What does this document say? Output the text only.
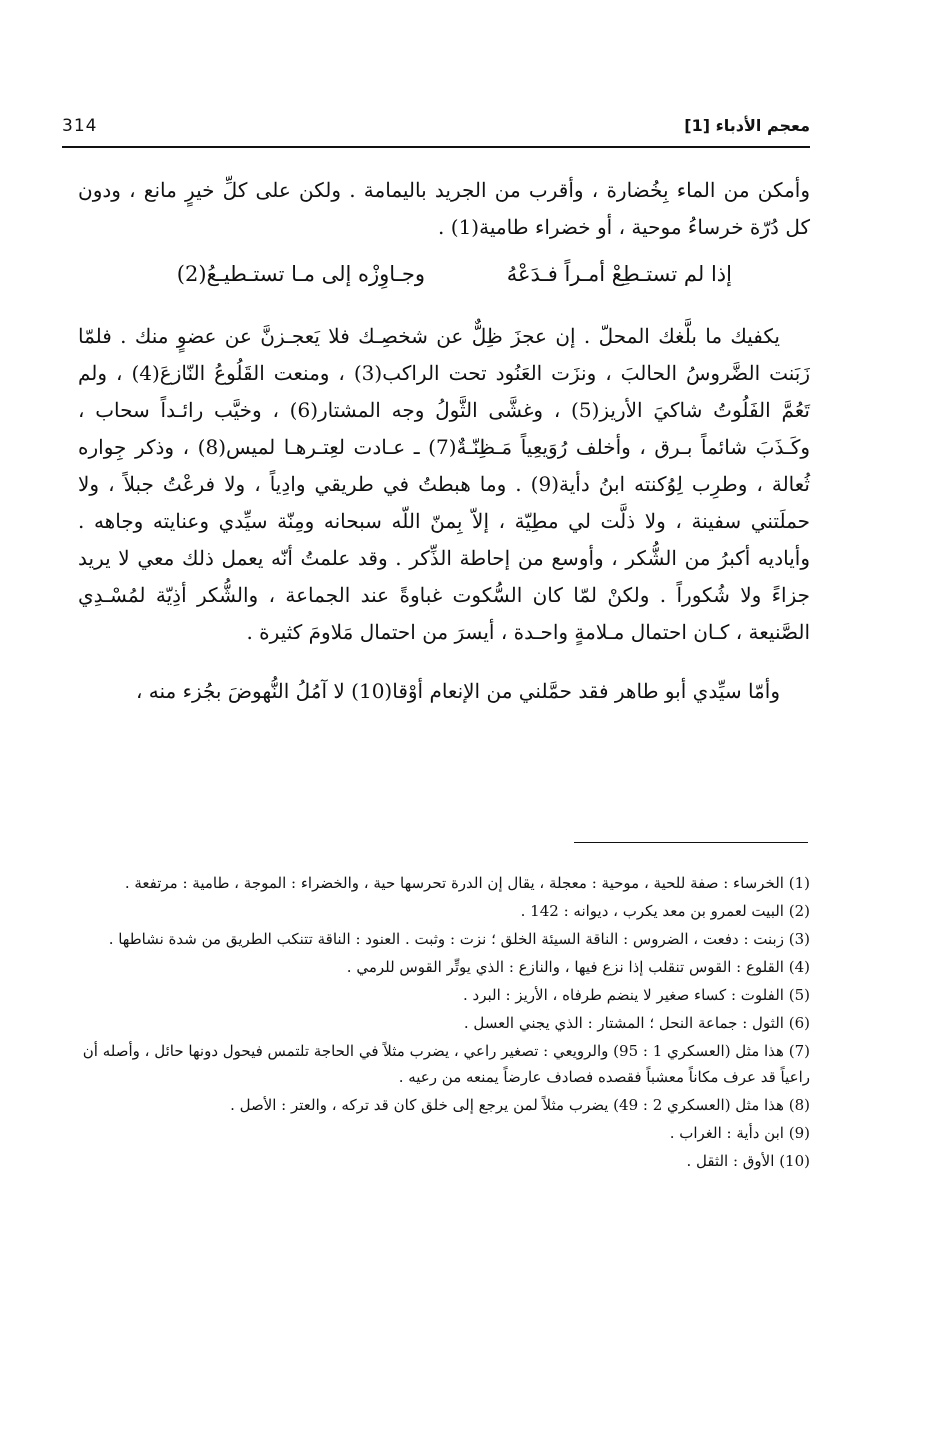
معجم الأدباء [1]
314

وأمكن من الماء بِخُضارة ، وأقرب من الجريد باليمامة . ولكن على كلِّ خيرٍ مانع ، ودون كل دُرّة خرساءُ موحية ، أو خضراء طامية(1) .

إذا لم تستـطِعْ أمـراً فـدَعْهُ
وجـاوِزْه إلى مـا تستـطيـعُ(2)

يكفيك ما بلَّغك المحلّ . إن عجزَ ظِلٌّ عن شخصِـك فلا يَعجـزنَّ عن عضوٍ منك . فلمّا زَبَنت الضَّروسُ الحالبَ ، ونزَت العَنُود تحت الراكب(3) ، ومنعت القَلُوعُ النّازعَ(4) ، ولم تَعُمَّ الفَلُوتُ شاكيَ الأريز(5) ، وغشَّى الثَّولُ وجه المشتار(6) ، وخيَّب رائـداً سحاب ، وكَـذَبَ شائماً بـرق ، وأخلف رُوَيعِياً مَـظِنّـةٌ(7) ـ عـادت لعِتـرهـا لميس(8) ، وذكر جِواره ثُعالة ، وطرِب لِوُكنته ابنُ دأية(9) . وما هبطتُ في طريقي وادِياً ، ولا فرعْتُ جبلاً ، ولا حملَتني سفينة ، ولا ذلَّت لي مطِيّة ، إلاّ بِمنّ اللّه سبحانه ومِنّة سيِّدي وعنايته وجاهه . وأياديه أكبرُ من الشُّكر ، وأوسع من إحاطة الذِّكر . وقد علمتُ أنّه يعمل ذلك معي لا يريد جزاءً ولا شُكوراً . ولكنْ لمّا كان السُّكوت غباوةً عند الجماعة ، والشُّكر أذِيّة لمُسْـدِي الصَّنيعة ، كـان احتمال مـلامةٍ واحـدة ، أيسرَ من احتمال مَلاومَ كثيرة .

وأمّا سيِّدي أبو طاهر فقد حمَّلني من الإنعام أوْقا(10) لا آمُلُ النُّهوضَ بجُزء منه ،

(1) الخرساء : صفة للحية ، موحية : معجلة ، يقال إن الدرة تحرسها حية ، والخضراء : الموجة ، طامية : مرتفعة .

(2) البيت لعمرو بن معد يكرب ، ديوانه : 142 .

(3) زبنت : دفعت ، الضروس : الناقة السيئة الخلق ؛ نزت : وثبت . العنود : الناقة تتنكب الطريق من شدة نشاطها .

(4) القلوع : القوس تنقلب إذا نزع فيها ، والنازع : الذي يوتِّر القوس للرمي .

(5) الفلوت : كساء صغير لا ينضم طرفاه ، الأريز : البرد .

(6) الثول : جماعة النحل ؛ المشتار : الذي يجني العسل .

(7) هذا مثل (العسكري 1 : 95) والرويعي : تصغير راعي ، يضرب مثلاً في الحاجة تلتمس فيحول دونها حائل ، وأصله أن راعياً قد عرف مكاناً معشباً فقصده فصادف عارضاً يمنعه من رعيه .

(8) هذا مثل (العسكري 2 : 49) يضرب مثلاً لمن يرجع إلى خلق كان قد تركه ، والعتر : الأصل .

(9) ابن دأية : الغراب .

(10) الأوق : الثقل .
